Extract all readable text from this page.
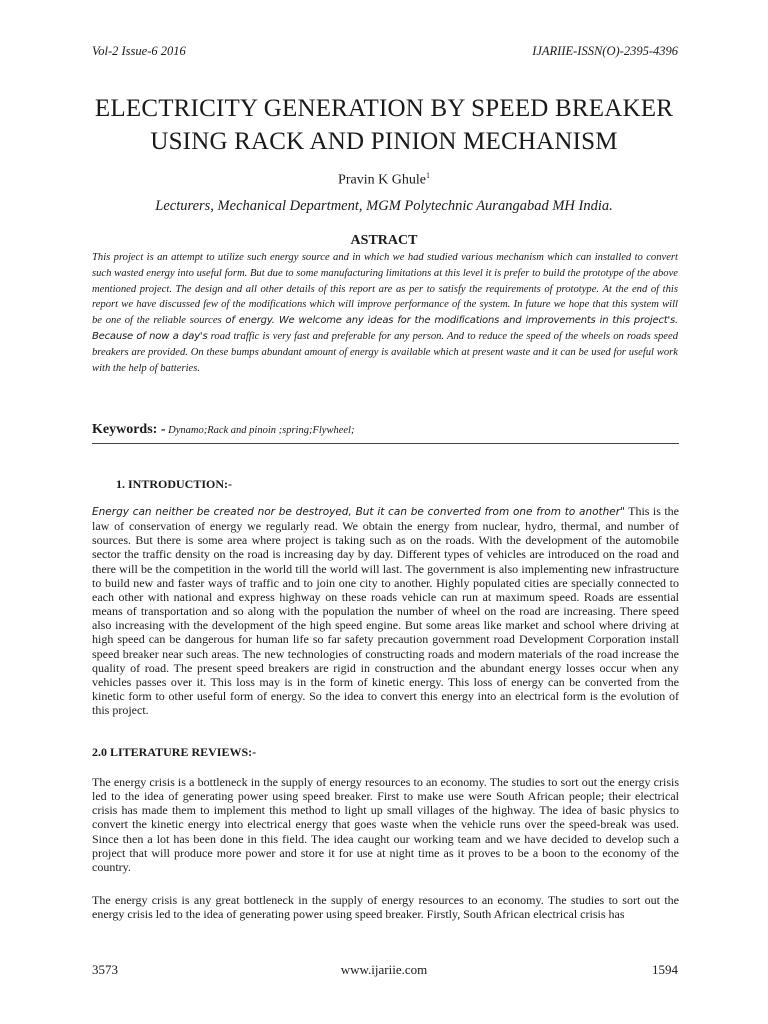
Vol-2 Issue-6 2016	IJARIIE-ISSN(O)-2395-4396
ELECTRICITY GENERATION BY SPEED BREAKER USING RACK AND PINION MECHANISM
Pravin K Ghule$^1$
Lecturers, Mechanical Department, MGM Polytechnic Aurangabad MH India.
ASTRACT
This project is an attempt to utilize such energy source and in which we had studied various mechanism which can installed to convert such wasted energy into useful form. But due to some manufacturing limitations at this level it is prefer to build the prototype of the above mentioned project. The design and all other details of this report are as per to satisfy the requirements of prototype. At the end of this report we have discussed few of the modifications which will improve performance of the system. In future we hope that this system will be one of the reliable sources of energy. We welcome any ideas for the modifications and improvements in this project's. Because of now a day's road traffic is very fast and preferable for any person. And to reduce the speed of the wheels on roads speed breakers are provided. On these bumps abundant amount of energy is available which at present waste and it can be used for useful work with the help of batteries.
Keywords: - Dynamo;Rack and pinoin ;spring;Flywheel;
1. INTRODUCTION:-
Energy can neither be created nor be destroyed, But it can be converted from one from to another" This is the law of conservation of energy we regularly read. We obtain the energy from nuclear, hydro, thermal, and number of sources. But there is some area where project is taking such as on the roads. With the development of the automobile sector the traffic density on the road is increasing day by day. Different types of vehicles are introduced on the road and there will be the competition in the world till the world will last. The government is also implementing new infrastructure to build new and faster ways of traffic and to join one city to another. Highly populated cities are specially connected to each other with national and express highway on these roads vehicle can run at maximum speed. Roads are essential means of transportation and so along with the population the number of wheel on the road are increasing. There speed also increasing with the development of the high speed engine. But some areas like market and school where driving at high speed can be dangerous for human life so far safety precaution government road Development Corporation install speed breaker near such areas. The new technologies of constructing roads and modern materials of the road increase the quality of road. The present speed breakers are rigid in construction and the abundant energy losses occur when any vehicles passes over it. This loss may is in the form of kinetic energy. This loss of energy can be converted from the kinetic form to other useful form of energy. So the idea to convert this energy into an electrical form is the evolution of this project.
2.0 LITERATURE REVIEWS:-
The energy crisis is a bottleneck in the supply of energy resources to an economy. The studies to sort out the energy crisis led to the idea of generating power using speed breaker. First to make use were South African people; their electrical crisis has made them to implement this method to light up small villages of the highway. The idea of basic physics to convert the kinetic energy into electrical energy that goes waste when the vehicle runs over the speed-break was used. Since then a lot has been done in this field. The idea caught our working team and we have decided to develop such a project that will produce more power and store it for use at night time as it proves to be a boon to the economy of the country.
The energy crisis is any great bottleneck in the supply of energy resources to an economy. The studies to sort out the energy crisis led to the idea of generating power using speed breaker. Firstly, South African electrical crisis has
3573	www.ijariie.com	1594
